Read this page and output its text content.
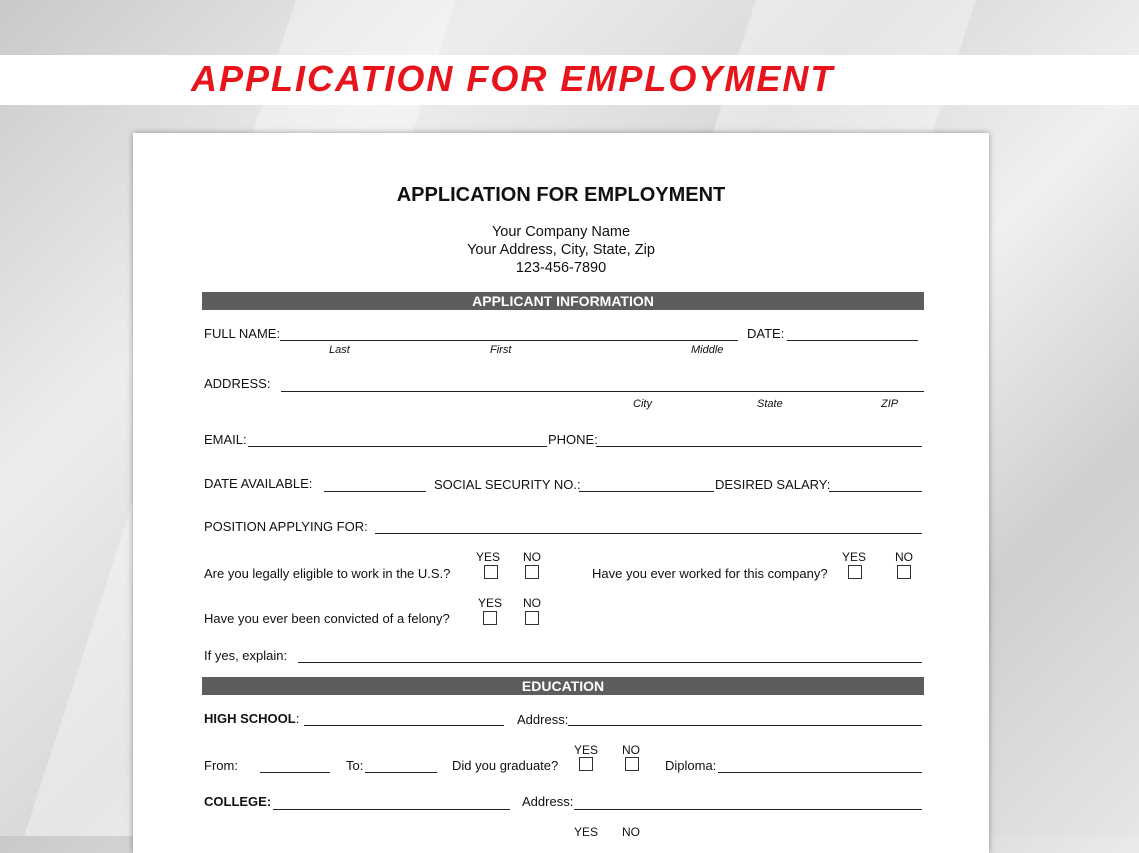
APPLICATION FOR EMPLOYMENT
APPLICATION FOR EMPLOYMENT
Your Company Name
Your Address, City, State, Zip
123-456-7890
APPLICANT INFORMATION
FULL NAME:	DATE:
Last	First	Middle
ADDRESS:
City	State	ZIP
EMAIL:	PHONE:
DATE AVAILABLE:	SOCIAL SECURITY NO.:	DESIRED SALARY:
POSITION APPLYING FOR:
YES NO
Are you legally eligible to work in the U.S.?
YES NO
Have you ever worked for this company?
YES NO
Have you ever been convicted of a felony?
If yes, explain:
EDUCATION
HIGH SCHOOL:	Address:
YES NO
From:	To:	Did you graduate?	Diploma:
COLLEGE:	Address:
YES NO
